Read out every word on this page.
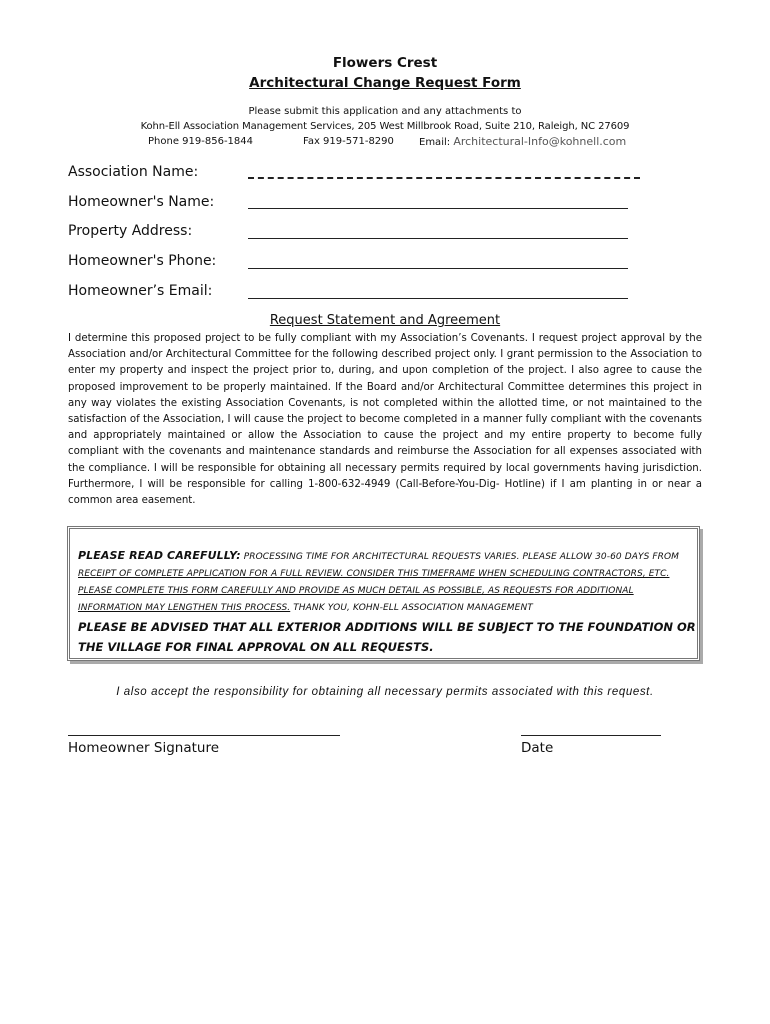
Flowers Crest
Architectural Change Request Form
Please submit this application and any attachments to
Kohn-Ell Association Management Services, 205 West Millbrook Road, Suite 210, Raleigh, NC 27609
Phone 919-856-1844	Fax 919-571-8290	Email: Architectural-Info@kohnell.com
Association Name:
Homeowner's Name:
Property Address:
Homeowner's Phone:
Homeowner’s Email:
Request Statement and Agreement
I determine this proposed project to be fully compliant with my Association’s Covenants. I request project approval by the Association and/or Architectural Committee for the following described project only. I grant permission to the Association to enter my property and inspect the project prior to, during, and upon completion of the project. I also agree to cause the proposed improvement to be properly maintained. If the Board and/or Architectural Committee determines this project in any way violates the existing Association Covenants, is not completed within the allotted time, or not maintained to the satisfaction of the Association, I will cause the project to become completed in a manner fully compliant with the covenants and appropriately maintained or allow the Association to cause the project and my entire property to become fully compliant with the covenants and maintenance standards and reimburse the Association for all expenses associated with the compliance. I will be responsible for obtaining all necessary permits required by local governments having jurisdiction. Furthermore, I will be responsible for calling 1-800-632-4949 (Call-Before-You-Dig- Hotline) if I am planting in or near a common area easement.
PLEASE READ CAREFULLY: PROCESSING TIME FOR ARCHITECTURAL REQUESTS VARIES. PLEASE ALLOW 30-60 DAYS FROM
RECEIPT OF COMPLETE APPLICATION FOR A FULL REVIEW. CONSIDER THIS TIMEFRAME WHEN SCHEDULING CONTRACTORS, ETC.
PLEASE COMPLETE THIS FORM CAREFULLY AND PROVIDE AS MUCH DETAIL AS POSSIBLE, AS REQUESTS FOR ADDITIONAL
INFORMATION MAY LENGTHEN THIS PROCESS. THANK YOU, KOHN-ELL ASSOCIATION MANAGEMENT
PLEASE BE ADVISED THAT ALL EXTERIOR ADDITIONS WILL BE SUBJECT TO THE FOUNDATION OR
THE VILLAGE FOR FINAL APPROVAL ON ALL REQUESTS.
I also accept the responsibility for obtaining all necessary permits associated with this request.
Homeowner Signature	Date
